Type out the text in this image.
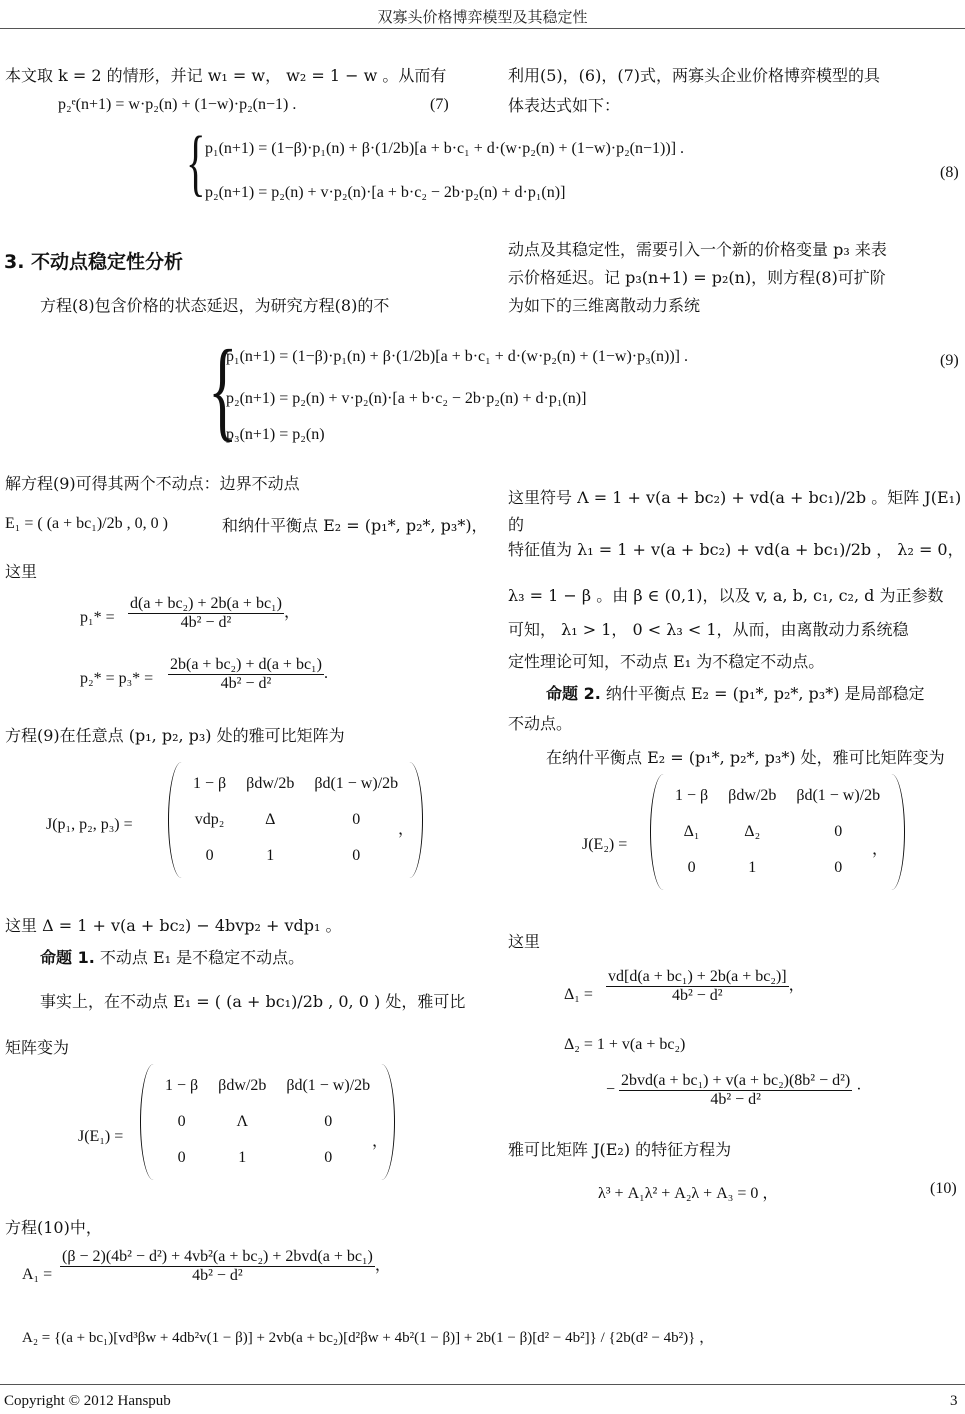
双寡头价格博弈模型及其稳定性
本文取 k = 2 的情形，并记 w₁ = w， w₂ = 1 − w 。从而有
p₂ᵉ(n+1) = w·p₂(n) + (1−w)·p₂(n−1) .	(7)
利用(5)，(6)，(7)式，两寡头企业价格博弈模型的具
体表达式如下：
{ p₁(n+1) = (1−β)·p₁(n) + β·(1/2b)[a + b·c₁ + d·(w·p₂(n) + (1−w)·p₂(n−1))] .
p₂(n+1) = p₂(n) + v·p₂(n)·[a + b·c₂ − 2b·p₂(n) + d·p₁(n)]
(8)
3. 不动点稳定性分析
方程(8)包含价格的状态延迟，为研究方程(8)的不
动点及其稳定性，需要引入一个新的价格变量 p₃ 来表
示价格延迟。记 p₃(n+1) = p₂(n)，则方程(8)可扩阶
为如下的三维离散动力系统
{
p₁(n+1) = (1−β)·p₁(n) + β·(1/2b)[a + b·c₁ + d·(w·p₂(n) + (1−w)·p₃(n))] .
p₂(n+1) = p₂(n) + v·p₂(n)·[a + b·c₂ − 2b·p₂(n) + d·p₁(n)]
p₃(n+1) = p₂(n)
(9)
解方程(9)可得其两个不动点：边界不动点
E₁ = ( (a + bc₁)/2b , 0, 0 )	和纳什平衡点 E₂ = (p₁*, p₂*, p₃*)，
这里
$p_1* = \frac{\text{d(a + bc₂) + 2b(a + bc₁)}}{\text{4b² − d²}}$ ，
$p_2* = p_3* = \frac{\text{2b(a + bc₂) + d(a + bc₁)}}{\text{4b² − d²}}$ .
方程(9)在任意点 (p₁, p₂, p₃) 处的雅可比矩阵为
J(p₁, p₂, p₃) =
1 − β	βdw/2b	βd(1 − w)/2b
vdp₂	Δ	0
0	1	0
，
这里 Δ = 1 + v(a + bc₂) − 4bvp₂ + vdp₁ 。
命题 1. 不动点 E₁ 是不稳定不动点。
事实上，在不动点 E₁ = ( (a + bc₁)/2b , 0, 0 ) 处，雅可比
矩阵变为
J(E₁) =
1 − β	βdw/2b	βd(1 − w)/2b
0	Λ	0
0	1	0
，
方程(10)中，
$A_1 = \frac{\text{(β − 2)(4b² − d²) + 4vb²(a + bc₂) + 2bvd(a + bc₁)}}{\text{4b² − d²}}$ ，
这里符号 Λ = 1 + v(a + bc₂) + vd(a + bc₁)/2b 。矩阵 J(E₁) 的
特征值为 λ₁ = 1 + v(a + bc₂) + vd(a + bc₁)/2b ， λ₂ = 0，
λ₃ = 1 − β 。由 β ∈ (0,1)，以及 v, a, b, c₁, c₂, d 为正参数
可知， λ₁ > 1， 0 < λ₃ < 1，从而，由离散动力系统稳
定性理论可知，不动点 E₁ 为不稳定不动点。
命题 2. 纳什平衡点 E₂ = (p₁*, p₂*, p₃*) 是局部稳定
不动点。
在纳什平衡点 E₂ = (p₁*, p₂*, p₃*) 处，雅可比矩阵变为
J(E₂) =
1 − β	βdw/2b	βd(1 − w)/2b
Δ₁	Δ₂	0
0	1	0
，
这里
$\Delta_1 = \frac{\text{vd[d(a + bc₁) + 2b(a + bc₂)]}}{\text{4b² − d²}}$ ，
Δ₂ = 1 + v(a + bc₂)
− $\frac{\text{2bvd(a + bc₁) + v(a + bc₂)(8b² − d²)}}{\text{4b² − d²}}$ ·
雅可比矩阵 J(E₂) 的特征方程为
λ³ + A₁λ² + A₂λ + A₃ = 0 ，	(10)
A₂ = {(a + bc₁)[vd³βw + 4db²v(1 − β)] + 2vb(a + bc₂)[d²βw + 4b²(1 − β)] + 2b(1 − β)[d² − 4b²]} / {2b(d² − 4b²)} ，
Copyright © 2012 Hanspub	3
